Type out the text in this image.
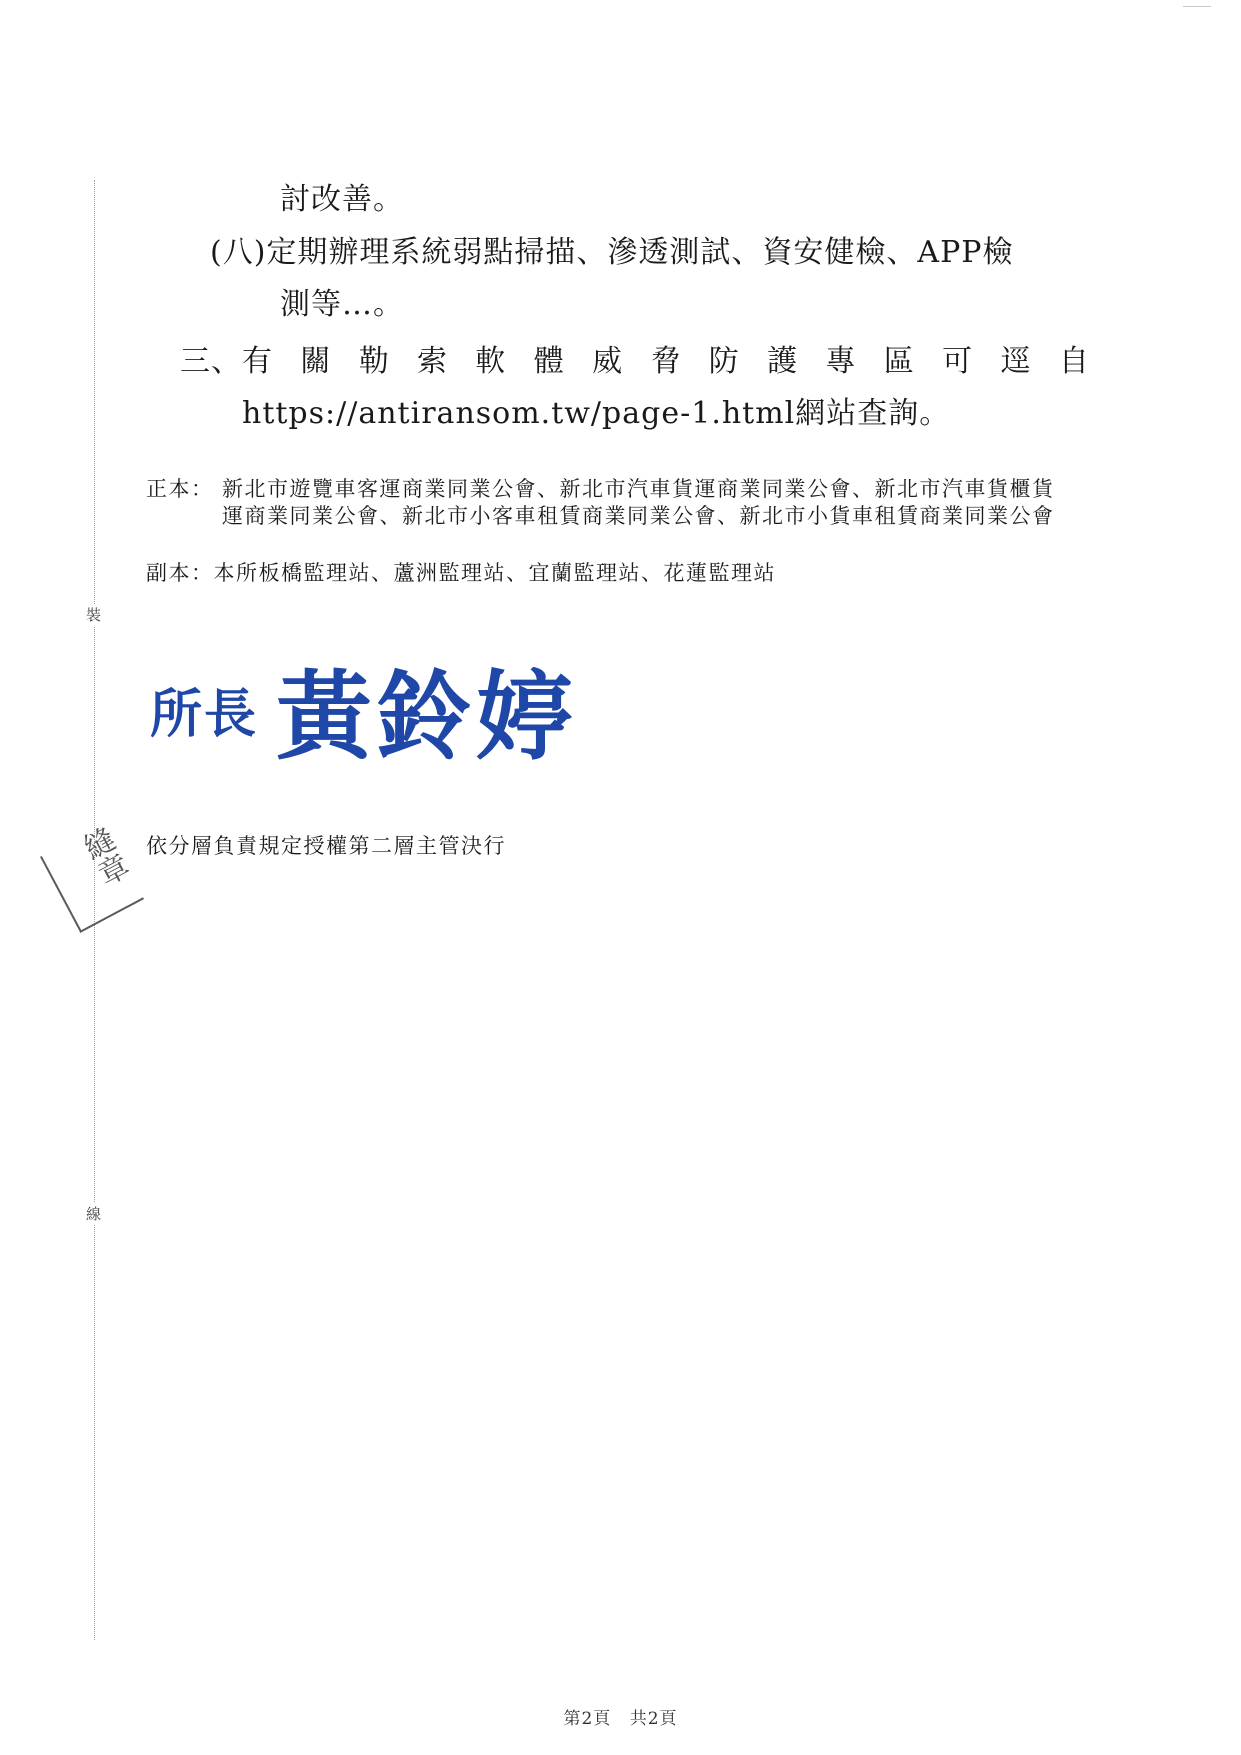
裝
線
縫章
討改善。
(八)定期辦理系統弱點掃描、滲透測試、資安健檢、APP檢
測等…。
三、有 關 勒 索 軟 體 威 脅 防 護 專 區 可 逕 自
https://antiransom.tw/page-1.html網站查詢。
正本： 新北市遊覽車客運商業同業公會、新北市汽車貨運商業同業公會、新北市汽車貨櫃貨運商業同業公會、新北市小客車租賃商業同業公會、新北市小貨車租賃商業同業公會
副本：本所板橋監理站、蘆洲監理站、宜蘭監理站、花蓮監理站
所長 黃鈴婷
依分層負責規定授權第二層主管決行
第2頁 共2頁
